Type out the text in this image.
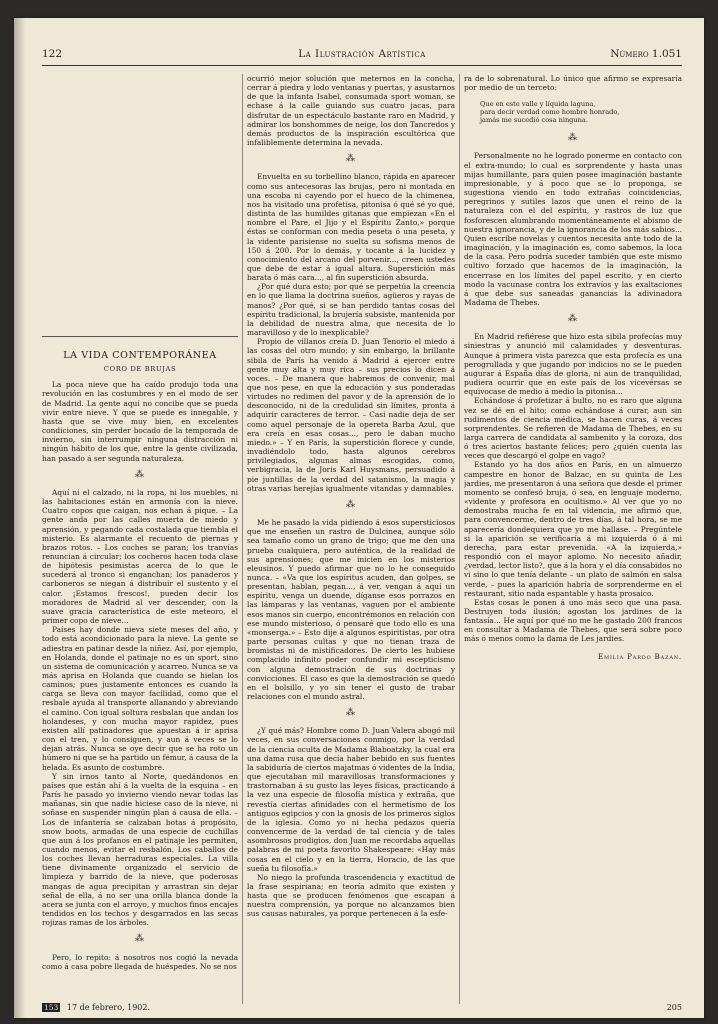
122	La Ilustración Artística	Número 1.051
LA VIDA CONTEMPORÁNEA
CORO DE BRUJAS

La poca nieve que ha caído produjo toda una revolución en las costumbres y en el modo de ser de Madrid. La gente aquí no concibe que se pueda vivir entre nieve. Y que se puede es innegable, y hasta que se vive muy bien, en excelentes condiciones, sin perder bocado de la temporada de invierno, sin interrumpir ninguna distracción ni ningún hábito de los que, entre la gente civilizada, han pasado á ser segunda naturaleza.

⁂

Aquí ni el calzado, ni la ropa, ni los muebles, ni las habitaciones están en armonía con la nieve. Cuatro copos que caigan, nos echan á pique. – La gente anda por las calles muerta de miedo y aprensión, y pegando cada costalada que tiembla el misterio. Es alarmante el recuento de piernas y brazos rotos. – Los coches se paran; los tranvías renuncian á circular; los cocheros hacen toda clase de hipótesis pesimistas acerca de lo que le sucederá al tronco si enganchan; los panaderos y carboneros se niegan á distribuir el sustento y el calor. ¡Estamos frescos!, pueden decir los moradores de Madrid al ver descender, con la suave gracia característica de este meteoro, el primer copo de nieve...

Países hay donde nieva siete meses del año, y todo está acondicionado para la nieve. La gente se adiestra en patinar desde la niñez. Así, por ejemplo, en Holanda, donde el patinaje no es un sport, sino un sistema de comunicación y acarreo. Nunca se va más aprisa en Holanda que cuando se hielan los caminos; pues justamente entonces es cuando la carga se lleva con mayor facilidad, como que el resbale ayuda al transporte allanando y abreviando el camino. Con igual soltura resbalan que andan los holandeses, y con mucha mayor rapidez, pues existen allí patinadores que apuestan á ir aprisa con el tren, y lo consiguen, y aun á veces se lo dejan atrás. Nunca se oye decir que se ha roto un húmero ni que se ha partido un fémur, á causa de la helada. Es asunto de costumbre.

Y sin irnos tanto al Norte, quedándonos en países que están ahí á la vuelta de la esquina – en París he pasado yo invierno viendo nevar todas las mañanas, sin que nadie hiciese caso de la nieve, ni soñase en suspender ningún plan á causa de ella. – Los de infantería se calzaban botas á propósito, snow boots, armadas de una especie de cuchillas que aun á los profanos en el patinaje les permiten, cuando menos, evitar el resbalón. Los caballos de los coches llevan herraduras especiales. La villa tiene divinamente organizado el servicio de limpieza y barrido de la nieve, que poderosas mangas de agua precipitan y arrastran sin dejar señal de ella, á no ser una orilla blanca donde la acera se junta con el arroyo, y muchos finos encajes tendidos en los techos y desgarrados en las secas rojizas ramas de los árboles.

⁂

Pero, lo repito: á nosotros nos cogió la nevada como á casa pobre llegada de huéspedes. No se nos

ocurrió mejor solución que meternos en la concha, cerrar á piedra y lodo ventanas y puertas, y asustarnos de que la infanta Isabel, consumada sport woman, se echase á la calle guiando sus cuatro jacas, para disfrutar de un espectáculo bastante raro en Madrid, y admirar los bonshommes de neige, los don Tancredos y demás productos de la inspiración escultórica que infaliblemente determina la nevada.

⁂

Envuelta en su torbellino blanco, rápida en aparecer como sus antecesoras las brujas, pero ni montada en una escoba ni cayendo por el hueco de la chimenea, nos ha visitado una profetisa, pitonisa ó qué sé yo qué, distinta de las humildes gitanas que empiezan «En el nombre el Pare, el Jijo y el Espíritu Zanto,» porque éstas se conforman con media peseta ó una peseta, y la vidente parisiense no suelta su sofisma menos de 150 á 200. Por lo demás, y tocante á la lucidez y conocimiento del arcano del porvenir..., creen ustedes que debe de estar á igual altura. Superstición más barata ó más cara..., al fin superstición absurda.

¿Por qué dura esto; por qué se perpetúa la creencia en lo que llama la doctrina sueños, agüeros y rayas de manos? ¿Por qué, si se han perdido tantas cosas del espíritu tradicional, la brujería subsiste, mantenida por la debilidad de nuestra alma, que necesita de lo maravilloso y de lo inexplicable?

Propio de villanos creía D. Juan Tenorio el miedo á las cosas del otro mundo; y sin embargo, la brillante sibila de París ha venido á Madrid á ejercer entre gente muy alta y muy rica – sus precios lo dicen á voces. – De manera que habremos de convenir, mal que nos pese, en que la educación y sus ponderadas virtudes no redimen del pavor y de la aprensión de lo desconocido, ni de la credulidad sin límites, pronta á adquirir caracteres de terror. – Casi nadie deja de ser como aquel personaje de la opereta Barba Azul, que era creía en esas cosas..., pero le daban mucho miedo.» – Y en París, la superstición florece y cunde, invadiéndolo todo, hasta algunos cerebros privilegiados, algunas almas escogidas, como, verbigracia, la de Joris Karl Huysmans, persuadido á pie juntillas de la verdad del satanismo, la magia y otras varias herejías igualmente vitandas y damnables.

⁂

Me he pasado la vida pidiendo á esos supersticiosos que me enseñen un rastro de Dulcinea, aunque sólo sea tamaño como un grano de trigo; que me den una prueba cualquiera, pero auténtica, de la realidad de sus aprensiones; que me inicien en los misterios eleusinos. Y puedo afirmar que no lo he conseguido nunca. – «Va que los espíritus acuden, dan golpes, se presentan, hablan, pegan..., á ver, vengan á aquí un espíritu, venga un duende, díganse esos porrazos en las lámparas y las ventanas, vaguen por el ambiente esos manos sin cuerpo, encontrémonos en relación con ese mundo misterioso, ó pensaré que todo ello es una «monserga.» – Esto dije á algunos espiritistas, por otra parte personas cultas y que no tienan traza de bromistas ni de mistificadores. De cierto les hubiese complacido infinito poder confundir mi escepticismo con alguna demostración de sus doctrinas y convicciones. El caso es que la demostración se quedó en el bolsillo, y yo sin tener el gusto de trabar relaciones con el mundo astral.

⁂

¿Y qué más? Hombre como D. Juan Valera abogó mil veces, en sus conversaciones conmigo, por la verdad de la ciencia oculta de Madama Blaboatzky, la cual era una dama rusa que decía haber bebido en sus fuentes la sabiduría de ciertos majatmas ó videntes de la India, que ejecutaban mil maravillosas transformaciones y trastornaban á su gusto las leyes físicas, practicando á la vez una especie de filosofía mística y extraña, que revestía ciertas afinidades con el hermetismo de los antiguos egipcios y con la gnosis de los primeros siglos de la iglesia. Como yo ni hecha pedazos quería convencerme de la verdad de tal ciencia y de tales asombrosos prodigios, don Juan me recordaba aquellas palabras de mi poeta favorito Shakespeare: «Hay más cosas en el cielo y en la tierra, Horacio, de las que sueña tu filosofía.»

No niego la profunda trascendencia y exactitud de la frase sespiriana; en teoría admito que existen y hasta que se producen fenómenos que escapan á nuestra comprensión, ya porque no alcanzamos bien sus causas naturales, ya porque pertenecen á la esfe-

ra de lo sobrenatural. Lo único que afirmo se expresaría por medio de un terceto:

Que en este valle y líquida laguna,
para decir verdad como hombre honrado,
jamás me sucedió cosa ninguna.
⁂

Personalmente no he logrado ponerme en contacto con el extra-mundo; lo cual es sorprendente y hasta unas mijas humillante, para quien posee imaginación bastante impresionable, y á poco que se lo proponga, se sugestiona viendo en todo extrañas coincidencias, peregrinos y sutiles lazos que unen el reino de la naturaleza con el del espíritu, y rastros de luz que fosforescen alumbrando momentáneamente el abismo de nuestra ignorancia, y de la ignorancia de los más sabios... Quien escribe novelas y cuentos necesita ante todo de la imaginación, y la imaginación es, como sabemos, la loca de la casa. Pero podría suceder también que este mismo cultivo forzado que hacemos de la imaginación, la encerrase en los límites del papel escrito, y en cierto modo la vacunase contra los extravíos y las exaltaciones á que debe sus saneadas ganancias la adivinadora Madama de Thebes.

⁂

En Madrid refiérese que hizo esta sibila profecías muy siniestras y anunció mil calamidades y desventuras. Aunque á primera vista parezca que esta profecía es una perogrullada y que jugando por indicios no se le pueden augurar á España días de gloria, ni aun de tranquilidad, pudiera ocurrir que en este país de los vicevérsas se equivocase de medio á medio la pitonisa...

Echándose á profetizar á bulto, no es raro que alguna vez se dé en el hito; como echándose á curar, aun sin rudimentos de ciencia médica, se hacen curas, á veces sorprendentes. Se refieren de Madama de Thebes, en su larga carrera de candidata al sambenito y la coroza, dos ó tres aciertos bastante felices; pero ¿quién cuenta las veces que descargó el golpe en vago?

Estando yo ha dos años en París, en un almuerzo campestre en honor de Balzac, en su quinta de Les jardies, me presentaron á una señora que desde el primer momento se confesó bruja, ó sea, en lenguaje moderno, «vidente y profesora en ocultismo.» Al ver que yo no demostraba mucha fe en tal videncia, me afirmó que, para convencerme, dentro de tres días, á tal hora, se me aparecería dondequiera que yo me hallase. – Pregúntele si la aparición se verificaría á mi izquierda ó á mi derecha, para estar prevenida. «A la izquierda,» respondió con el mayor aplomo. No necesito añadir, ¿verdad, lector listo?, que á la hora y el día consabidos no vi sino lo que tenía delante – un plato de salmón en salsa verde, – pues la aparición habría de sorprenderme en el restaurant, sitio nada espantable y hasta prosaico.

Estas cosas le ponen á uno más seco que una pasa. Destruyen toda ilusión; agostan los jardines de la fantasía... He aquí por qué no me he gastado 200 francos en consultar á Madama de Thebes, que será sobre poco más ó menos como la dama de Les jardies.

Emilia Pardo Bazán.
153 17 de febrero, 1902.	205
